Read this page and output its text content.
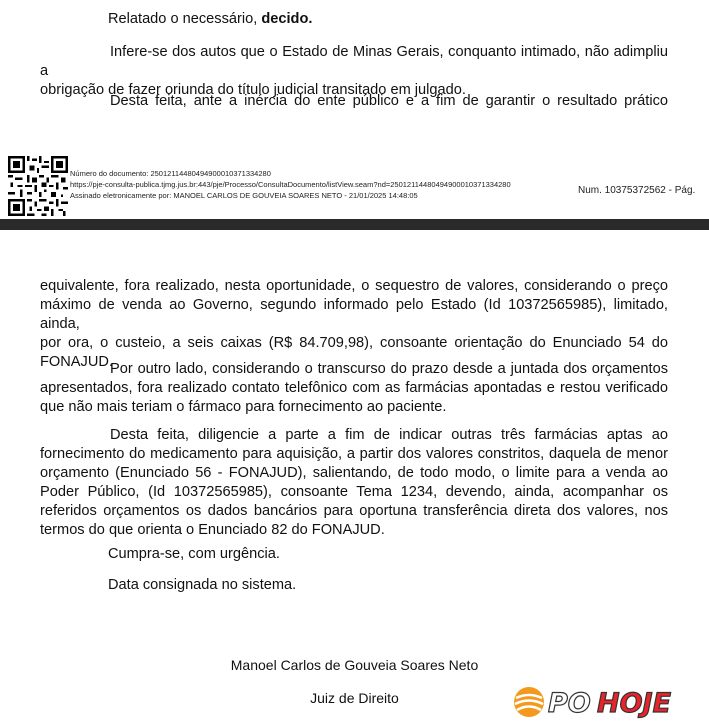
Relatado o necessário, decido.
Infere-se dos autos que o Estado de Minas Gerais, conquanto intimado, não adimpliu a
obrigação de fazer oriunda do título judicial transitado em julgado.
Desta feita, ante a inércia do ente público e a fim de garantir o resultado prático
Número do documento: 25012114480494900010371334280
https://pje-consulta-publica.tjmg.jus.br:443/pje/Processo/ConsultaDocumento/listView.seam?nd=25012114480494900010371334280
Assinado eletronicamente por: MANOEL CARLOS DE GOUVEIA SOARES NETO - 21/01/2025 14:48:05	Num. 10375372562 - Pág.
equivalente, fora realizado, nesta oportunidade, o sequestro de valores, considerando o preço
máximo de venda ao Governo, segundo informado pelo Estado (Id 10372565985), limitado, ainda,
por ora, o custeio, a seis caixas (R$ 84.709,98), consoante orientação do Enunciado 54 do
FONAJUD.
Por outro lado, considerando o transcurso do prazo desde a juntada dos orçamentos
apresentados, fora realizado contato telefônico com as farmácias apontadas e restou verificado
que não mais teriam o fármaco para fornecimento ao paciente.
Desta feita, diligencie a parte a fim de indicar outras três farmácias aptas ao
fornecimento do medicamento para aquisição, a partir dos valores constritos, daquela de menor
orçamento (Enunciado 56 - FONAJUD), salientando, de todo modo, o limite para a venda ao
Poder Público, (Id 10372565985), consoante Tema 1234, devendo, ainda, acompanhar os
referidos orçamentos os dados bancários para oportuna transferência direta dos valores, nos
termos do que orienta o Enunciado 82 do FONAJUD.
Cumpra-se, com urgência.
Data consignada no sistema.
Manoel Carlos de Gouveia Soares Neto
Juiz de Direito	PO HOJE
